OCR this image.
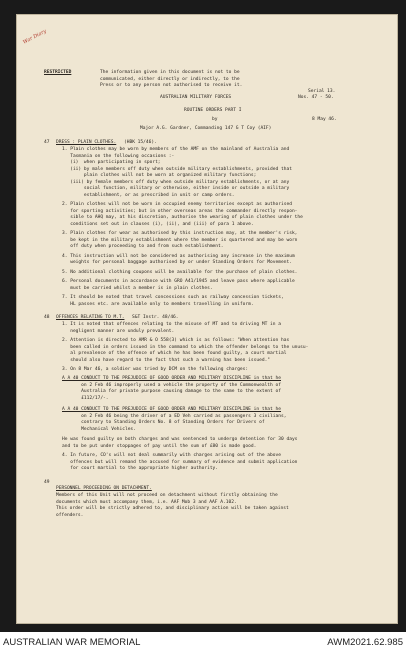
War Diary
RESTRICTED	The information given in this document is not to be
communicated, either directly or indirectly, to the
Press or to any person not authorised to receive it.
Serial 13.
AUSTRALIAN MILITARY FORCES	Nos. 47 - 50.
ROUTINE ORDERS PART I
by	8 May 46.
Major A.G. Gardner, Commanding 147 G T Coy (AIF)
47 DRESS : PLAIN CLOTHES. (HBK 15/46).
1. Plain clothes may be worn by members of the AMF on the mainland of Australia and
Tasmania on the following occasions :-
(i)  when participating in sport;
(ii) by male members off duty when outside military establishments, provided that
plain clothes will not be worn at organized military functions;
(iii) by female members off duty when outside military establishments, or at any
social function, military or otherwise, either inside or outside a military
establishment, or as prescribed in unit or camp orders.
2. Plain clothes will not be worn in occupied enemy territories except as authorised
for sporting activities; but in other overseas areas the commander directly respon-
sible to AHQ may, at his discretion, authorise the wearing of plain clothes under the
conditions set out in clauses (i), (ii), and (iii) of para 1 above.
3. Plain clothes for wear as authorised by this instruction may, at the member's risk,
be kept in the military establishment where the member is quartered and may be worn
off duty when proceeding to and from such establishment.
4. This instruction will not be considered as authorising any increase in the maximum
weights for personal baggage authorised by or under Standing Orders for Movement.
5. No additional clothing coupons will be available for the purchase of plain clothes.
6. Personal documents in accordance with GRO A41/1945 and leave pass where applicable
must be carried whilst a member is in plain clothes.
7. It should be noted that travel concessions such as railway concession tickets,
HL passes etc. are available only to members travelling in uniform.
48 OFFENCES RELATING TO M.T. S&T Instr. 48/46.
1. It is noted that offences relating to the misuse of MT and to driving MT in a
negligent manner are unduly prevalent.
2. Attention is directed to AMR & O 558(3) which is as follows: "When attention has
been called in orders issued in the command to which the offender belongs to the unusu-
al prevalence of the offence of which he has been found guilty, a court martial
should also have regard to the fact that such a warning has been issued."
3. On 8 Mar 46, a soldier was tried by DCM on the following charges:
A A 40 CONDUCT TO THE PREJUDICE OF GOOD ORDER AND MILITARY DISCIPLINE in that he
on 2 Feb 46 improperly used a vehicle the property of the Commonwealth of
Australia for private purpose causing damage to the same to the extent of
£112/17/-.
A A 40 CONDUCT TO THE PREJUDICE OF GOOD ORDER AND MILITARY DISCIPLINE in that he
on 2 Feb 46 being the driver of a ED Veh carried as passengers 3 civilians,
contrary to Standing Orders No. 8 of Standing Orders for Drivers of
Mechanical Vehicles.
He was found guilty on both charges and was sentenced to undergo detention for 30 days
and to be put under stoppages of pay until the sum of £80 is made good.
4. In future, CO's will not deal summarily with charges arising out of the above
offences but will remand the accused for summary of evidence and submit application
for court martial to the appropriate higher authority.
49
PERSONNEL PROCEEDING ON DETACHMENT.
Members of this Unit will not proceed on detachment without firstly obtaining the
documents which must accompany them, i.e. AAF Mob 3 and AAF A.102.
This order will be strictly adhered to, and disciplinary action will be taken against
offenders.
AUSTRALIAN WAR MEMORIAL	AWM2021.62.985
